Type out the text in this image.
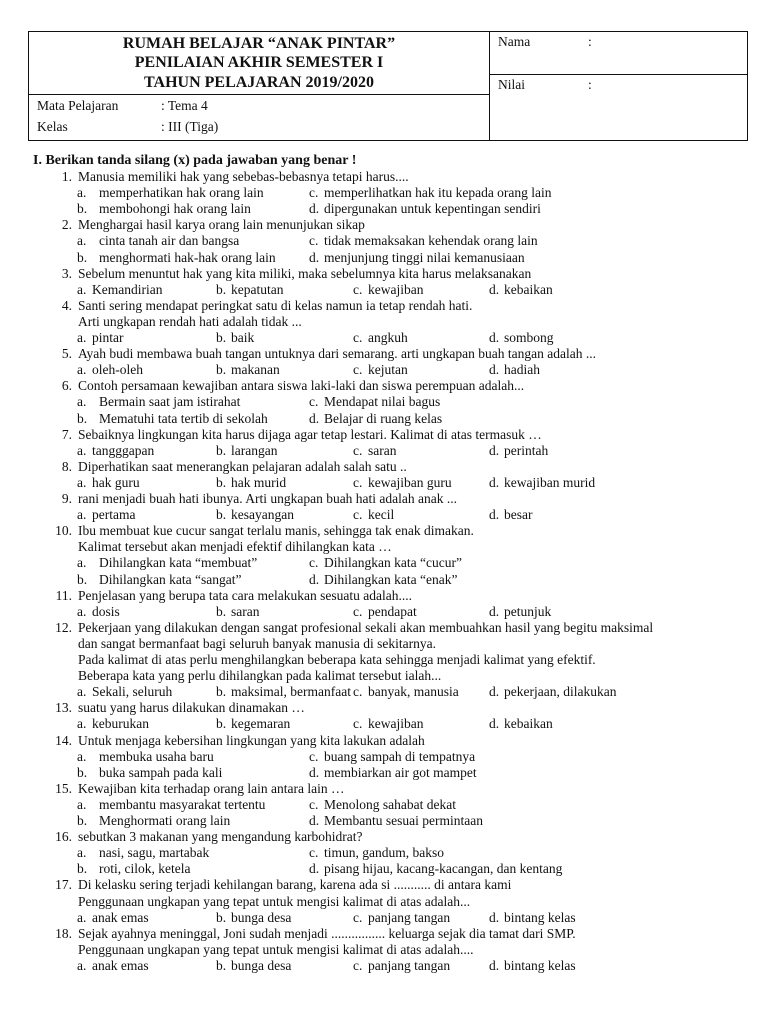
RUMAH BELAJAR “ANAK PINTAR”
PENILAIAN AKHIR SEMESTER I
TAHUN PELAJARAN 2019/2020
Mata Pelajaran	: Tema 4
Kelas	: III (Tiga)
Nama	:
Nilai	:
I. Berikan tanda silang (x) pada jawaban yang benar !
1. Manusia memiliki hak yang sebebas-bebasnya tetapi harus....
a. memperhatikan hak orang lain	c. memperlihatkan hak itu kepada orang lain
b. membohongi hak orang lain	d. dipergunakan untuk kepentingan sendiri
2. Menghargai hasil karya orang lain menunjukan sikap
a. cinta tanah air dan bangsa	c. tidak memaksakan kehendak orang lain
b. menghormati hak-hak orang lain d. menjunjung tinggi nilai kemanusiaan
3. Sebelum menuntut hak yang kita miliki, maka sebelumnya kita harus melaksanakan
a. Kemandirian	b. kepatutan	c. kewajiban	d. kebaikan
4. Santi sering mendapat peringkat satu di kelas namun ia tetap rendah hati.
Arti ungkapan rendah hati adalah tidak ...
a. pintar	b. baik	c. angkuh	d. sombong
5. Ayah budi membawa buah tangan untuknya dari semarang. arti ungkapan buah tangan adalah ...
a. oleh-oleh	b. makanan	c. kejutan	d. hadiah
6. Contoh persamaan kewajiban antara siswa laki-laki dan siswa perempuan adalah...
a. Bermain saat jam istirahat	c. Mendapat nilai bagus
b. Mematuhi tata tertib di sekolah	d. Belajar di ruang kelas
7. Sebaiknya lingkungan kita harus dijaga agar tetap lestari. Kalimat di atas termasuk …
a. tangggapan	b. larangan	c. saran	d. perintah
8. Diperhatikan saat menerangkan pelajaran adalah salah satu ..
a. hak guru	b. hak murid	c. kewajiban guru	d. kewajiban murid
9. rani menjadi buah hati ibunya. Arti ungkapan buah hati adalah anak ...
a. pertama	b. kesayangan	c. kecil	d. besar
10. Ibu membuat kue cucur sangat terlalu manis, sehingga tak enak dimakan.
Kalimat tersebut akan menjadi efektif dihilangkan kata …
a. Dihilangkan kata “membuat”	c. Dihilangkan kata “cucur”
b. Dihilangkan kata “sangat”	d. Dihilangkan kata “enak”
11. Penjelasan yang berupa tata cara melakukan sesuatu adalah....
a. dosis	b. saran	c. pendapat	d. petunjuk
12. Pekerjaan yang dilakukan dengan sangat profesional sekali akan membuahkan hasil yang begitu maksimal
dan sangat bermanfaat bagi seluruh banyak manusia di sekitarnya.
Pada kalimat di atas perlu menghilangkan beberapa kata sehingga menjadi kalimat yang efektif.
Beberapa kata yang perlu dihilangkan pada kalimat tersebut ialah...
a. Sekali, seluruh	b. maksimal, bermanfaat c. banyak, manusia d. pekerjaan, dilakukan
13. suatu yang harus dilakukan dinamakan …
a. keburukan	b. kegemaran	c. kewajiban	d. kebaikan
14. Untuk menjaga kebersihan lingkungan yang kita lakukan adalah
a. membuka usaha baru	c. buang sampah di tempatnya
b. buka sampah pada kali	d. membiarkan air got mampet
15. Kewajiban kita terhadap orang lain antara lain …
a. membantu masyarakat tertentu	c. Menolong sahabat dekat
b. Menghormati orang lain	d. Membantu sesuai permintaan
16. sebutkan 3 makanan yang mengandung karbohidrat?
a. nasi, sagu, martabak	c. timun, gandum, bakso
b. roti, cilok, ketela	d. pisang hijau, kacang-kacangan, dan kentang
17. Di kelasku sering terjadi kehilangan barang, karena ada si ........... di antara kami
Penggunaan ungkapan yang tepat untuk mengisi kalimat di atas adalah...
a. anak emas	b. bunga desa	c. panjang tangan	d. bintang kelas
18. Sejak ayahnya meninggal, Joni sudah menjadi ................ keluarga sejak dia tamat dari SMP.
Penggunaan ungkapan yang tepat untuk mengisi kalimat di atas adalah....
a. anak emas	b. bunga desa	c. panjang tangan	d. bintang kelas
